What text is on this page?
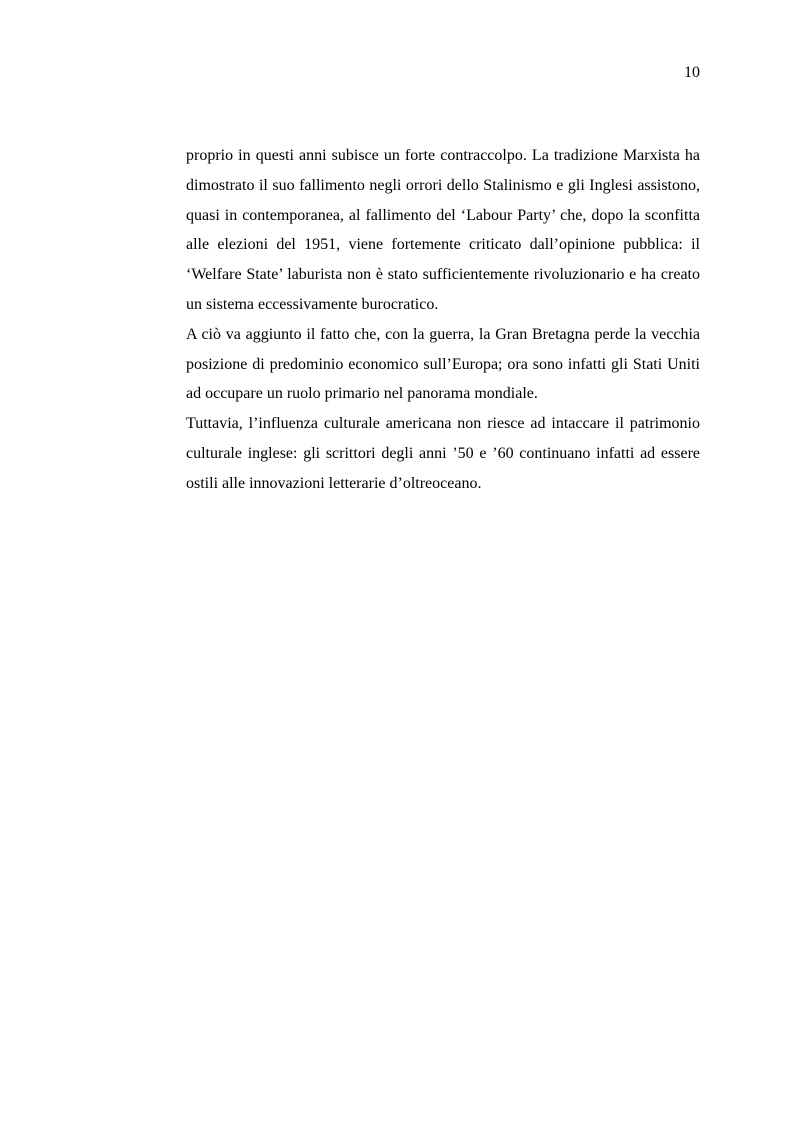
10

proprio in questi anni subisce un forte contraccolpo. La tradizione Marxista ha dimostrato il suo fallimento negli orrori dello Stalinismo e gli Inglesi assistono, quasi in contemporanea, al fallimento del ‘Labour Party’ che, dopo la sconfitta alle elezioni del 1951, viene fortemente criticato dall’opinione pubblica: il ‘Welfare State’ laburista non è stato sufficientemente rivoluzionario e ha creato un sistema eccessivamente burocratico.

A ciò va aggiunto il fatto che, con la guerra, la Gran Bretagna perde la vecchia posizione di predominio economico sull’Europa; ora sono infatti gli Stati Uniti ad occupare un ruolo primario nel panorama mondiale.

Tuttavia, l’influenza culturale americana non riesce ad intaccare il patrimonio culturale inglese: gli scrittori degli anni ’50 e ’60 continuano infatti ad essere ostili alle innovazioni letterarie d’oltreoceano.
